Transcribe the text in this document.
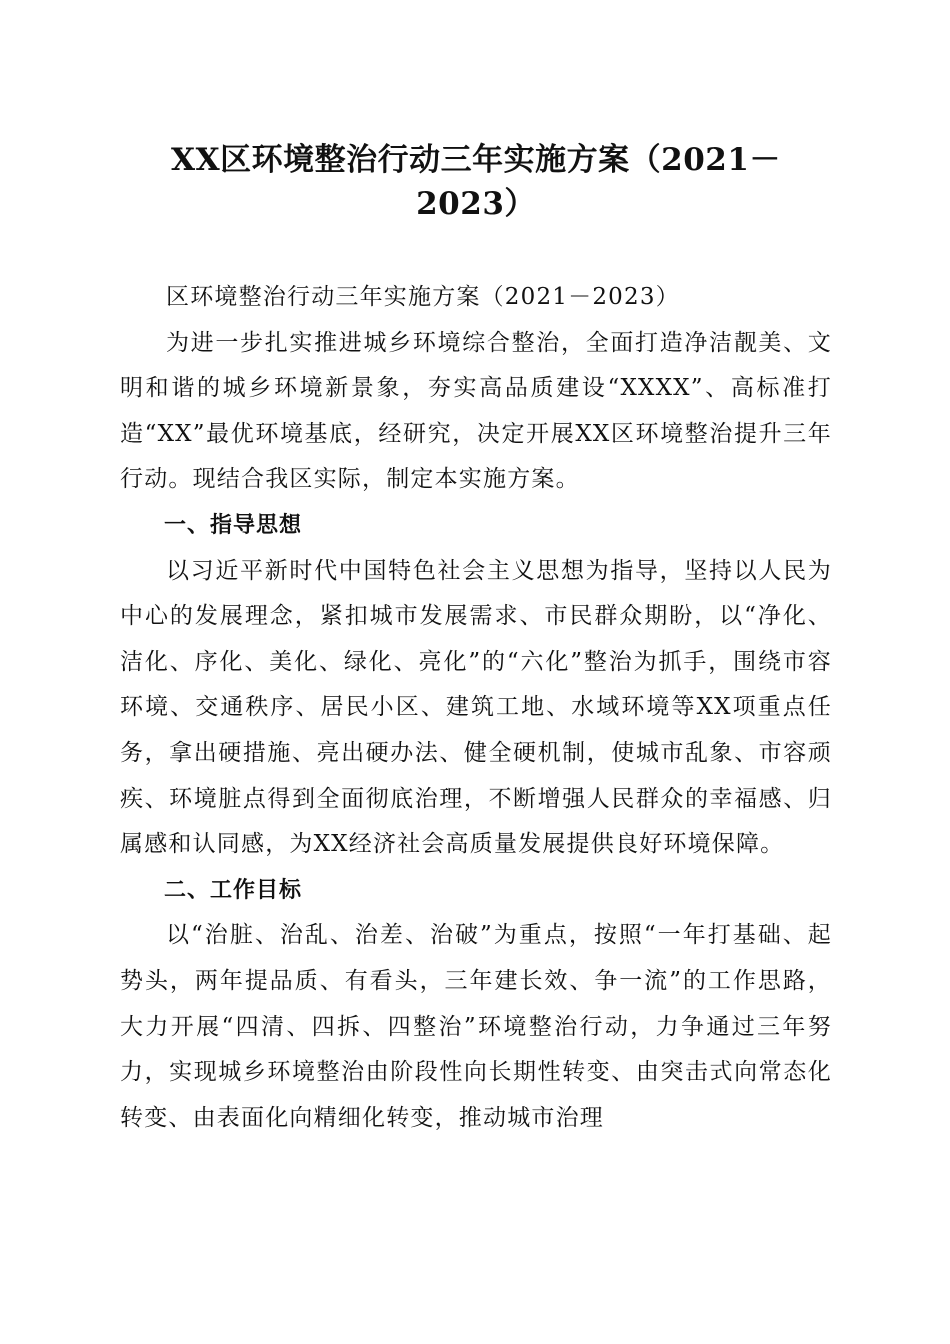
XX区环境整治行动三年实施方案（2021－
2023）

区环境整治行动三年实施方案（2021－2023）

为进一步扎实推进城乡环境综合整治，全面打造净洁靓美、文明和谐的城乡环境新景象，夯实高品质建设“XXXX”、高标准打造“XX”最优环境基底，经研究，决定开展XX区环境整治提升三年行动。现结合我区实际，制定本实施方案。

一、指导思想

以习近平新时代中国特色社会主义思想为指导，坚持以人民为中心的发展理念，紧扣城市发展需求、市民群众期盼，以“净化、洁化、序化、美化、绿化、亮化”的“六化”整治为抓手，围绕市容环境、交通秩序、居民小区、建筑工地、水域环境等XX项重点任务，拿出硬措施、亮出硬办法、健全硬机制，使城市乱象、市容顽疾、环境脏点得到全面彻底治理，不断增强人民群众的幸福感、归属感和认同感，为XX经济社会高质量发展提供良好环境保障。

二、工作目标

以“治脏、治乱、治差、治破”为重点，按照“一年打基础、起势头，两年提品质、有看头，三年建长效、争一流”的工作思路，大力开展“四清、四拆、四整治”环境整治行动，力争通过三年努力，实现城乡环境整治由阶段性向长期性转变、由突击式向常态化转变、由表面化向精细化转变，推动城市治理
